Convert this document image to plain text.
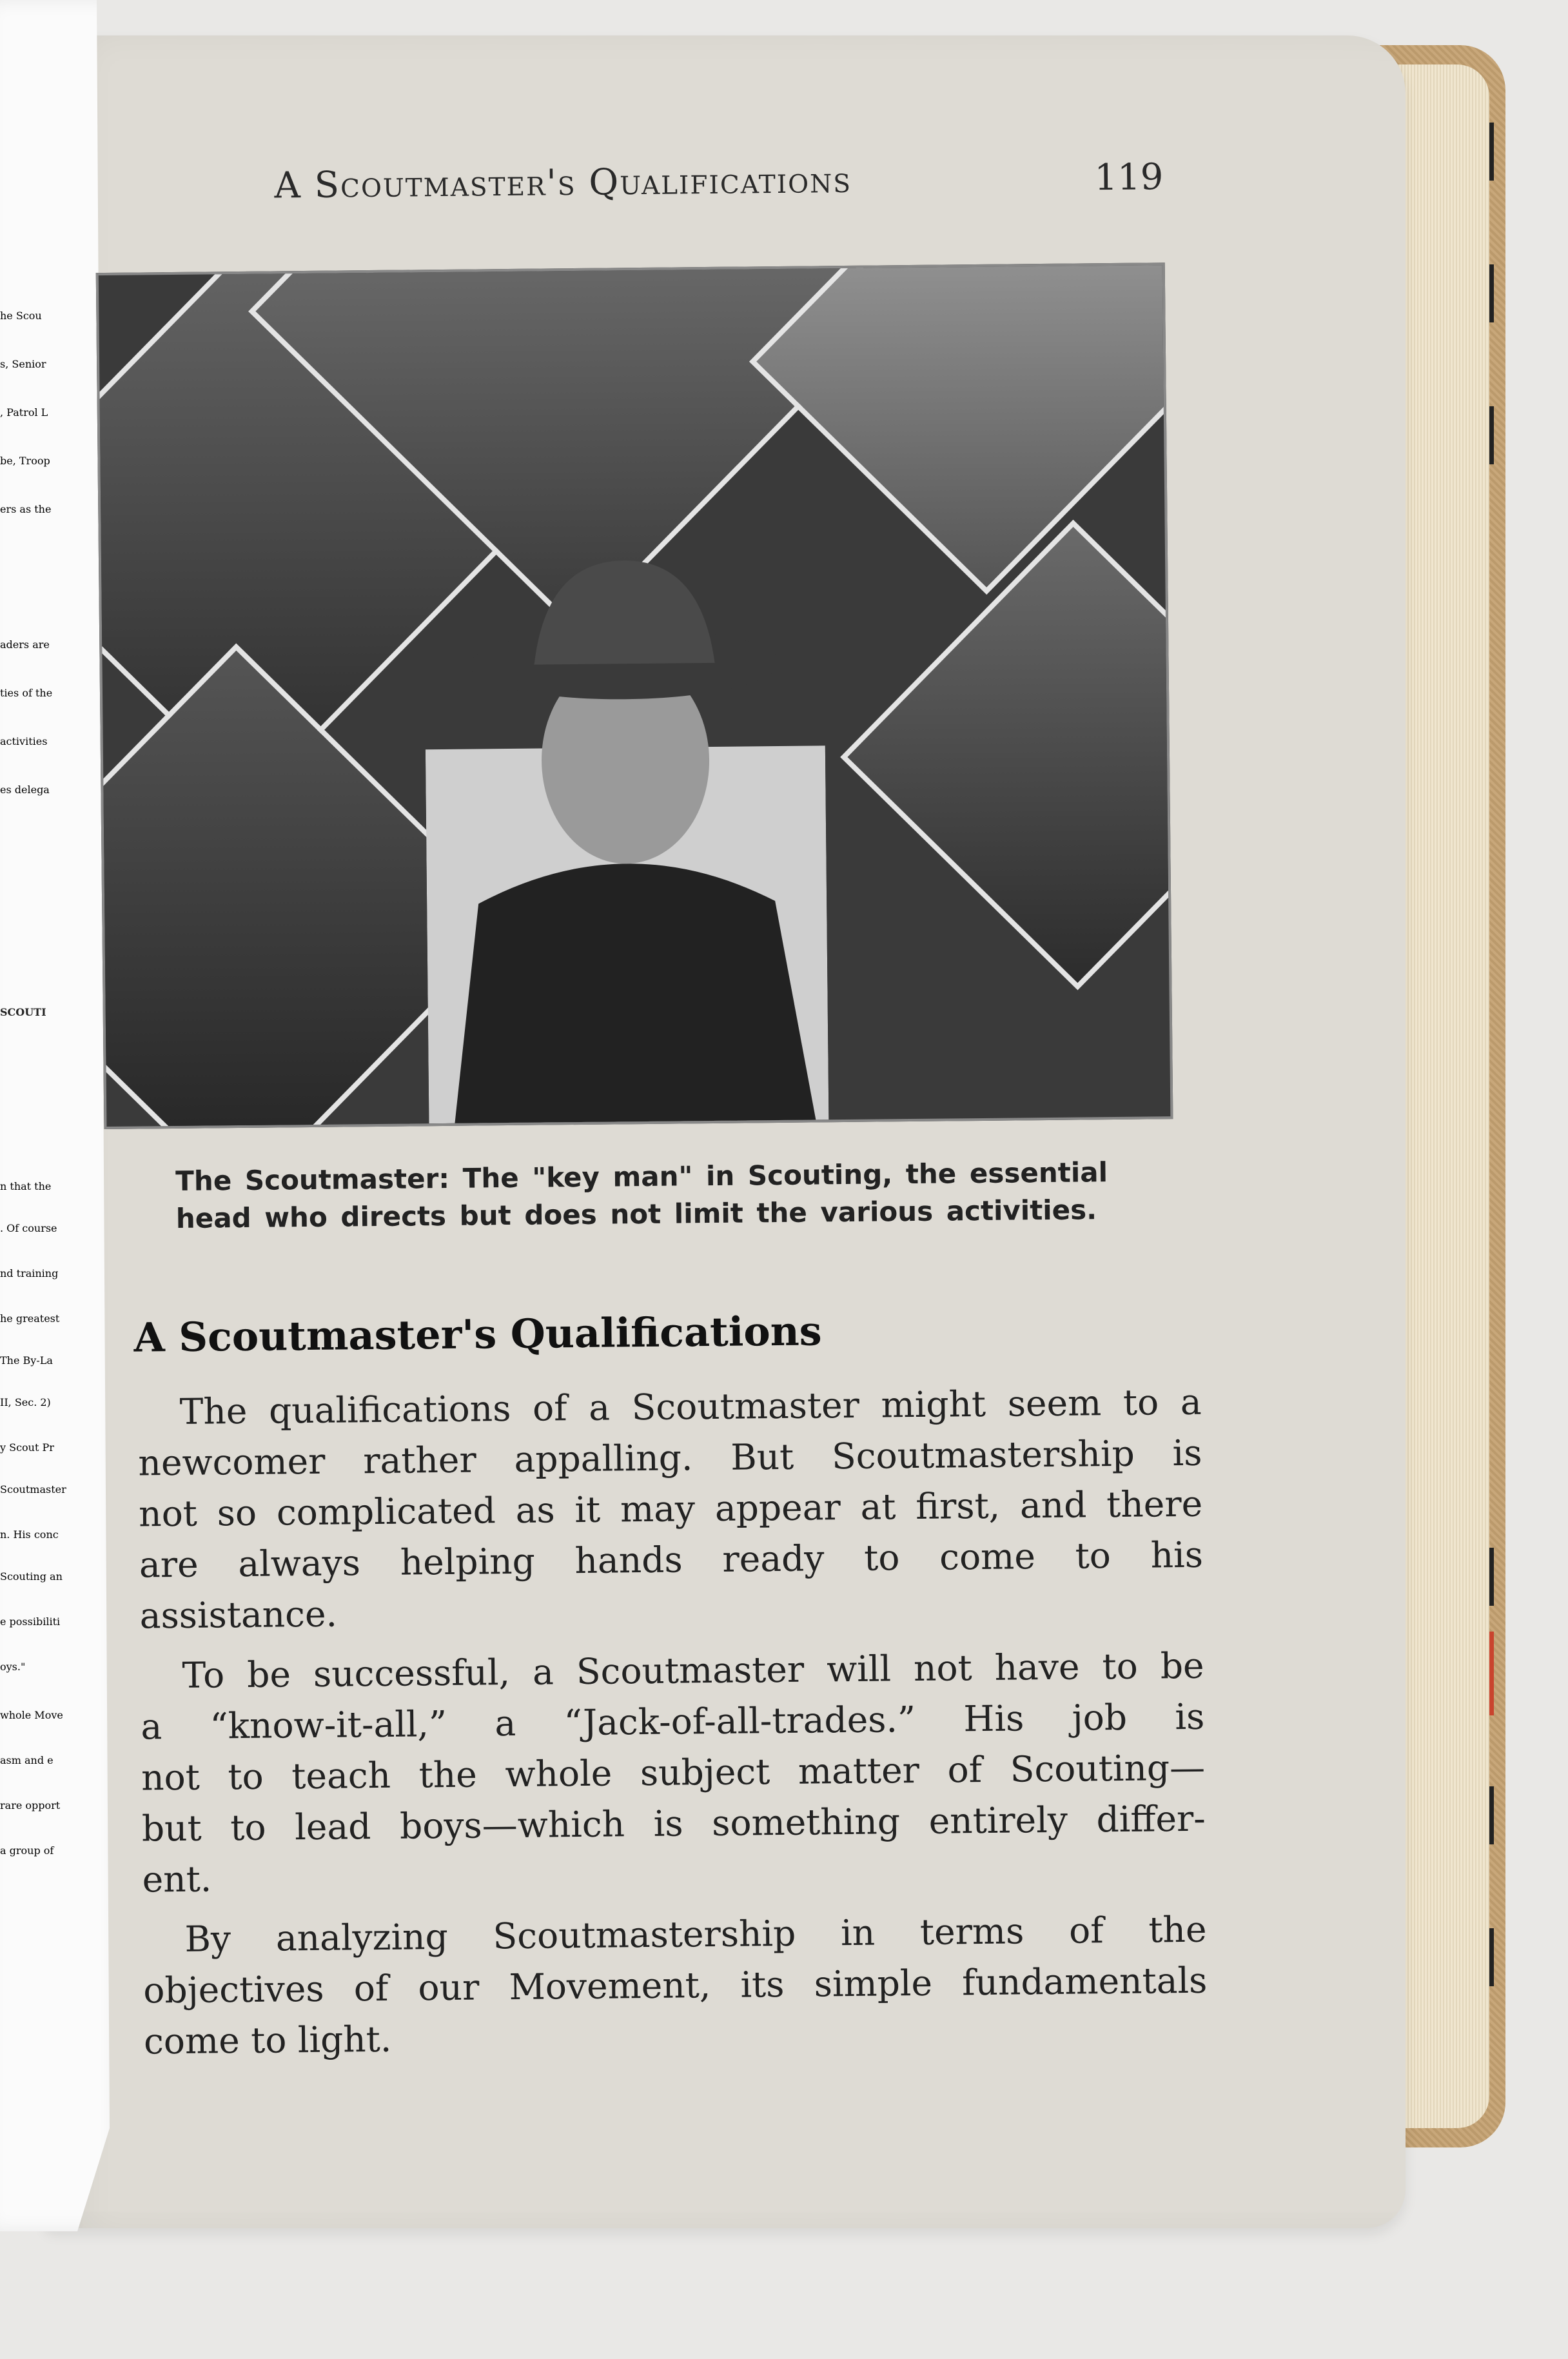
he Scou
s, Senior
, Patrol L
be, Troop
ers as the
aders are
ties of the
activities
es delega
SCOUTI
n that the
. Of course
nd training
he greatest
The By-La
II, Sec. 2)
y Scout Pr
Scoutmaster
n. His conc
Scouting an
e possibiliti
oys."
whole Move
asm and e
rare opport
a group of
A Scoutmaster's Qualifications	119
The Scoutmaster: The "key man" in Scouting, the essential
head who directs but does not limit the various activities.
A Scoutmaster's Qualifications
The qualifications of a Scoutmaster might seem to a
newcomer rather appalling. But Scoutmastership is
not so complicated as it may appear at first, and there
are always helping hands ready to come to his
assistance.
To be successful, a Scoutmaster will not have to be
a “know-it-all,” a “Jack-of-all-trades.” His job is
not to teach the whole subject matter of Scouting—
but to lead boys—which is something entirely differ-
ent.
By analyzing Scoutmastership in terms of the
objectives of our Movement, its simple fundamentals
come to light.
